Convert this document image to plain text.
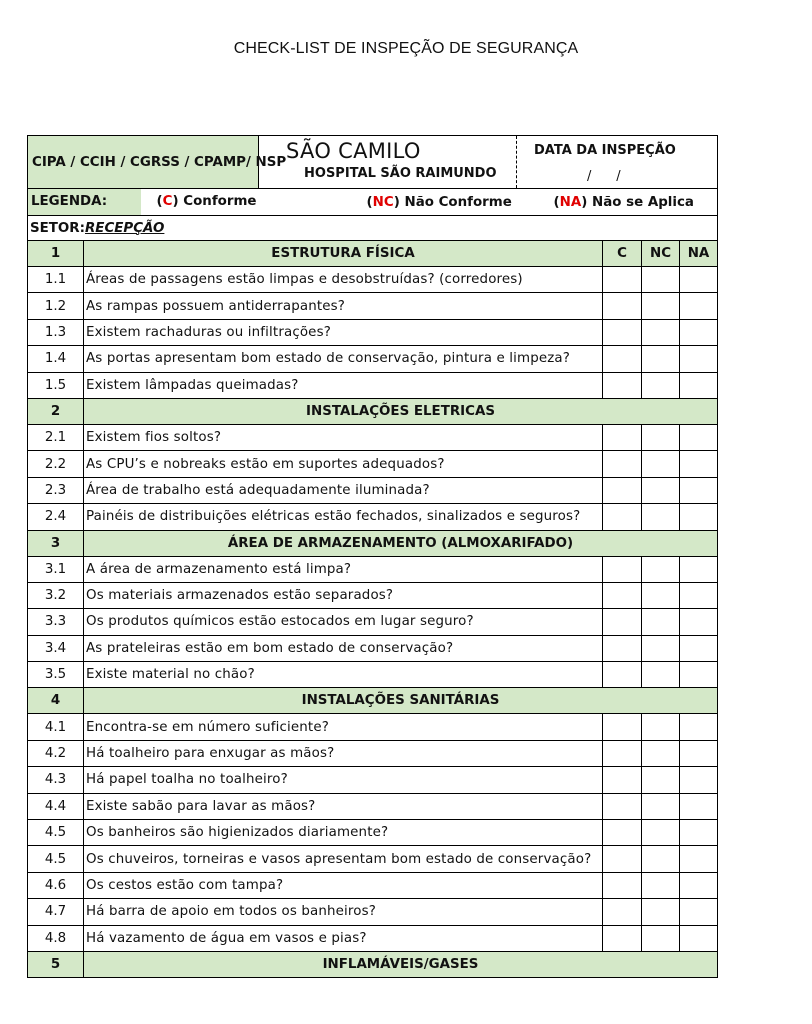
CHECK-LIST DE INSPEÇÃO DE SEGURANÇA
CIPA / CCIH / CGRSS / CPAMP/ NSP		SÃO CAMILO
HOSPITAL SÃO RAIMUNDO	DATA DA INSPEÇÃO
/      /			

LEGENDA: (C) Conforme		(NC) Não Conforme		(NA) Não se Aplica		
SETOR:RECEPÇÃO						
1	ESTRUTURA FÍSICA			C	NC	NA
1.1	Áreas de passagens estão limpas e desobstruídas? (corredores)					
1.2	As rampas possuem antiderrapantes?					
1.3	Existem rachaduras ou infiltrações?					
1.4	As portas apresentam bom estado de conservação, pintura e limpeza?					
1.5	Existem lâmpadas queimadas?					
2	INSTALAÇÕES ELETRICAS					
2.1	Existem fios soltos?					
2.2	As CPU’s e nobreaks estão em suportes adequados?					
2.3	Área de trabalho está adequadamente iluminada?					
2.4	Painéis de distribuições elétricas estão fechados, sinalizados e seguros?					
3	ÁREA DE ARMAZENAMENTO (ALMOXARIFADO)					
3.1	A área de armazenamento está limpa?					
3.2	Os materiais armazenados estão separados?					
3.3	Os produtos químicos estão estocados em lugar seguro?					
3.4	As prateleiras estão em bom estado de conservação?					
3.5	Existe material no chão?					
4	INSTALAÇÕES SANITÁRIAS					
4.1	Encontra-se em número suficiente?					
4.2	Há toalheiro para enxugar as mãos?					
4.3	Há papel toalha no toalheiro?					
4.4	Existe sabão para lavar as mãos?					
4.5	Os banheiros são higienizados diariamente?					
4.5	Os chuveiros, torneiras e vasos apresentam bom estado de conservação?					
4.6	Os cestos estão com tampa?					
4.7	Há barra de apoio em todos os banheiros?					
4.8	Há vazamento de água em vasos e pias?					
5	INFLAMÁVEIS/GASES					
